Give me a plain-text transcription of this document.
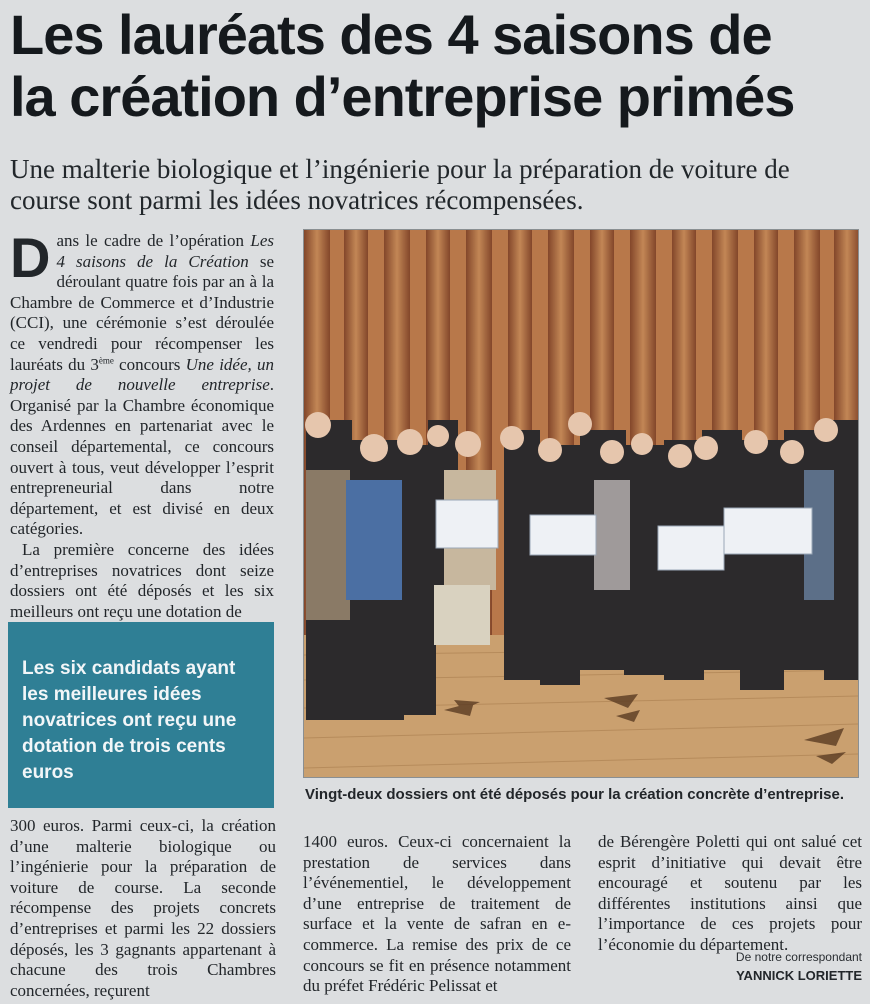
Les lauréats des 4 saisons de
la création d’entreprise primés
Une malterie biologique et l’ingénierie pour la préparation de voiture de course sont parmi les idées novatrices récompensées.

Dans le cadre de l’opération Les 4 saisons de la Création se déroulant quatre fois par an à la Chambre de Commerce et d’Industrie (CCI), une cérémonie s’est déroulée ce vendredi pour récompenser les lauréats du 3ème concours Une idée, un projet de nouvelle entreprise. Organisé par la Chambre économique des Ardennes en partenariat avec le conseil départemental, ce concours ouvert à tous, veut développer l’esprit entrepreneurial dans notre département, et est divisé en deux catégories.

La première concerne des idées d’entreprises novatrices dont seize dossiers ont été déposés et les six meilleurs ont reçu une dotation de

Les six candidats ayant les meilleures idées novatrices ont reçu une dotation de trois cents euros
Vingt-deux dossiers ont été déposés pour la création concrète d’entreprise.
300 euros. Parmi ceux-ci, la création d’une malterie biologique ou l’ingénierie pour la préparation de voiture de course. La seconde récompense des projets concrets d’entreprises et parmi les 22 dossiers déposés, les 3 gagnants appartenant à chacune des trois Chambres concernées, reçurent
1400 euros. Ceux-ci concernaient la prestation de services dans l’événementiel, le développement d’une entreprise de traitement de surface et la vente de safran en e-commerce. La remise des prix de ce concours se fit en présence notamment du préfet Frédéric Pelissat et
de Bérengère Poletti qui ont salué cet esprit d’initiative qui devait être encouragé et soutenu par les différentes institutions ainsi que l’importance de ces projets pour l’économie du département.
De notre correspondant
YANNICK LORIETTE
